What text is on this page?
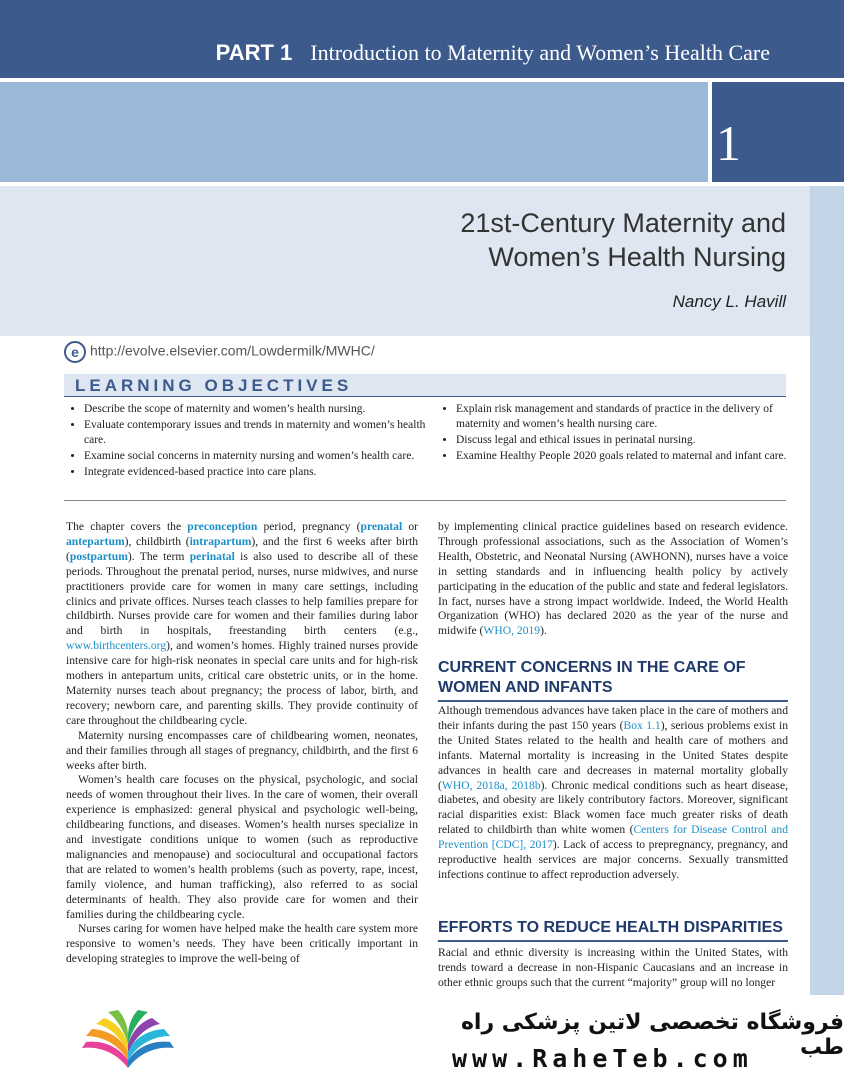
PART 1 Introduction to Maternity and Women’s Health Care
1
21st-Century Maternity and
Women’s Health Nursing
Nancy L. Havill
e http://evolve.elsevier.com/Lowdermilk/MWHC/
LEARNING OBJECTIVES
• Describe the scope of maternity and women’s health nursing.
• Evaluate contemporary issues and trends in maternity and women’s health care.
• Examine social concerns in maternity nursing and women’s health care.
• Integrate evidenced-based practice into care plans.
• Explain risk management and standards of practice in the delivery of maternity and women’s health nursing care.
• Discuss legal and ethical issues in perinatal nursing.
• Examine Healthy People 2020 goals related to maternal and infant care.

The chapter covers the preconception period, pregnancy (prenatal or antepartum), childbirth (intrapartum), and the first 6 weeks after birth (postpartum). The term perinatal is also used to describe all of these periods. Throughout the prenatal period, nurses, nurse midwives, and nurse practitioners provide care for women in many care settings, including clinics and private offices. Nurses teach classes to help families prepare for childbirth. Nurses provide care for women and their families during labor and birth in hospitals, freestanding birth centers (e.g., www.birthcenters.org), and women’s homes. Highly trained nurses provide intensive care for high-risk neonates in special care units and for high-risk mothers in antepartum units, critical care obstetric units, or in the home. Maternity nurses teach about pregnancy; the process of labor, birth, and recovery; newborn care, and parenting skills. They provide continuity of care throughout the childbearing cycle.

Maternity nursing encompasses care of childbearing women, neonates, and their families through all stages of pregnancy, childbirth, and the first 6 weeks after birth.

Women’s health care focuses on the physical, psychologic, and social needs of women throughout their lives. In the care of women, their overall experience is emphasized: general physical and psychologic well-being, childbearing functions, and diseases. Women’s health nurses specialize in and investigate conditions unique to women (such as reproductive malignancies and menopause) and sociocultural and occupational factors that are related to women’s health problems (such as poverty, rape, incest, family violence, and human trafficking), also referred to as social determinants of health. They also provide care for women and their families during the childbearing cycle.

Nurses caring for women have helped make the health care system more responsive to women’s needs. They have been critically important in developing strategies to improve the well-being of

by implementing clinical practice guidelines based on research evidence. Through professional associations, such as the Association of Women’s Health, Obstetric, and Neonatal Nursing (AWHONN), nurses have a voice in setting standards and in influencing health policy by actively participating in the education of the public and state and federal legislators. In fact, nurses have a strong impact worldwide. Indeed, the World Health Organization (WHO) has declared 2020 as the year of the nurse and midwife (WHO, 2019).

CURRENT CONCERNS IN THE CARE OF WOMEN AND INFANTS

Although tremendous advances have taken place in the care of mothers and their infants during the past 150 years (Box 1.1), serious problems exist in the United States related to the health and health care of mothers and infants. Maternal mortality is increasing in the United States despite advances in health care and decreases in maternal mortality globally (WHO, 2018a, 2018b). Chronic medical conditions such as heart disease, diabetes, and obesity are likely contributory factors. Moreover, significant racial disparities exist: Black women face much greater risks of death related to childbirth than white women (Centers for Disease Control and Prevention [CDC], 2017). Lack of access to prepregnancy, pregnancy, and reproductive health services are major concerns. Sexually transmitted infections continue to affect reproduction adversely.

EFFORTS TO REDUCE HEALTH DISPARITIES

Racial and ethnic diversity is increasing within the United States, with trends toward a decrease in non-Hispanic Caucasians and an increase in other ethnic groups such that the current “majority” group will no longer

فروشگاه تخصصی لاتین پزشکی راه طب
www.RaheTeb.com
